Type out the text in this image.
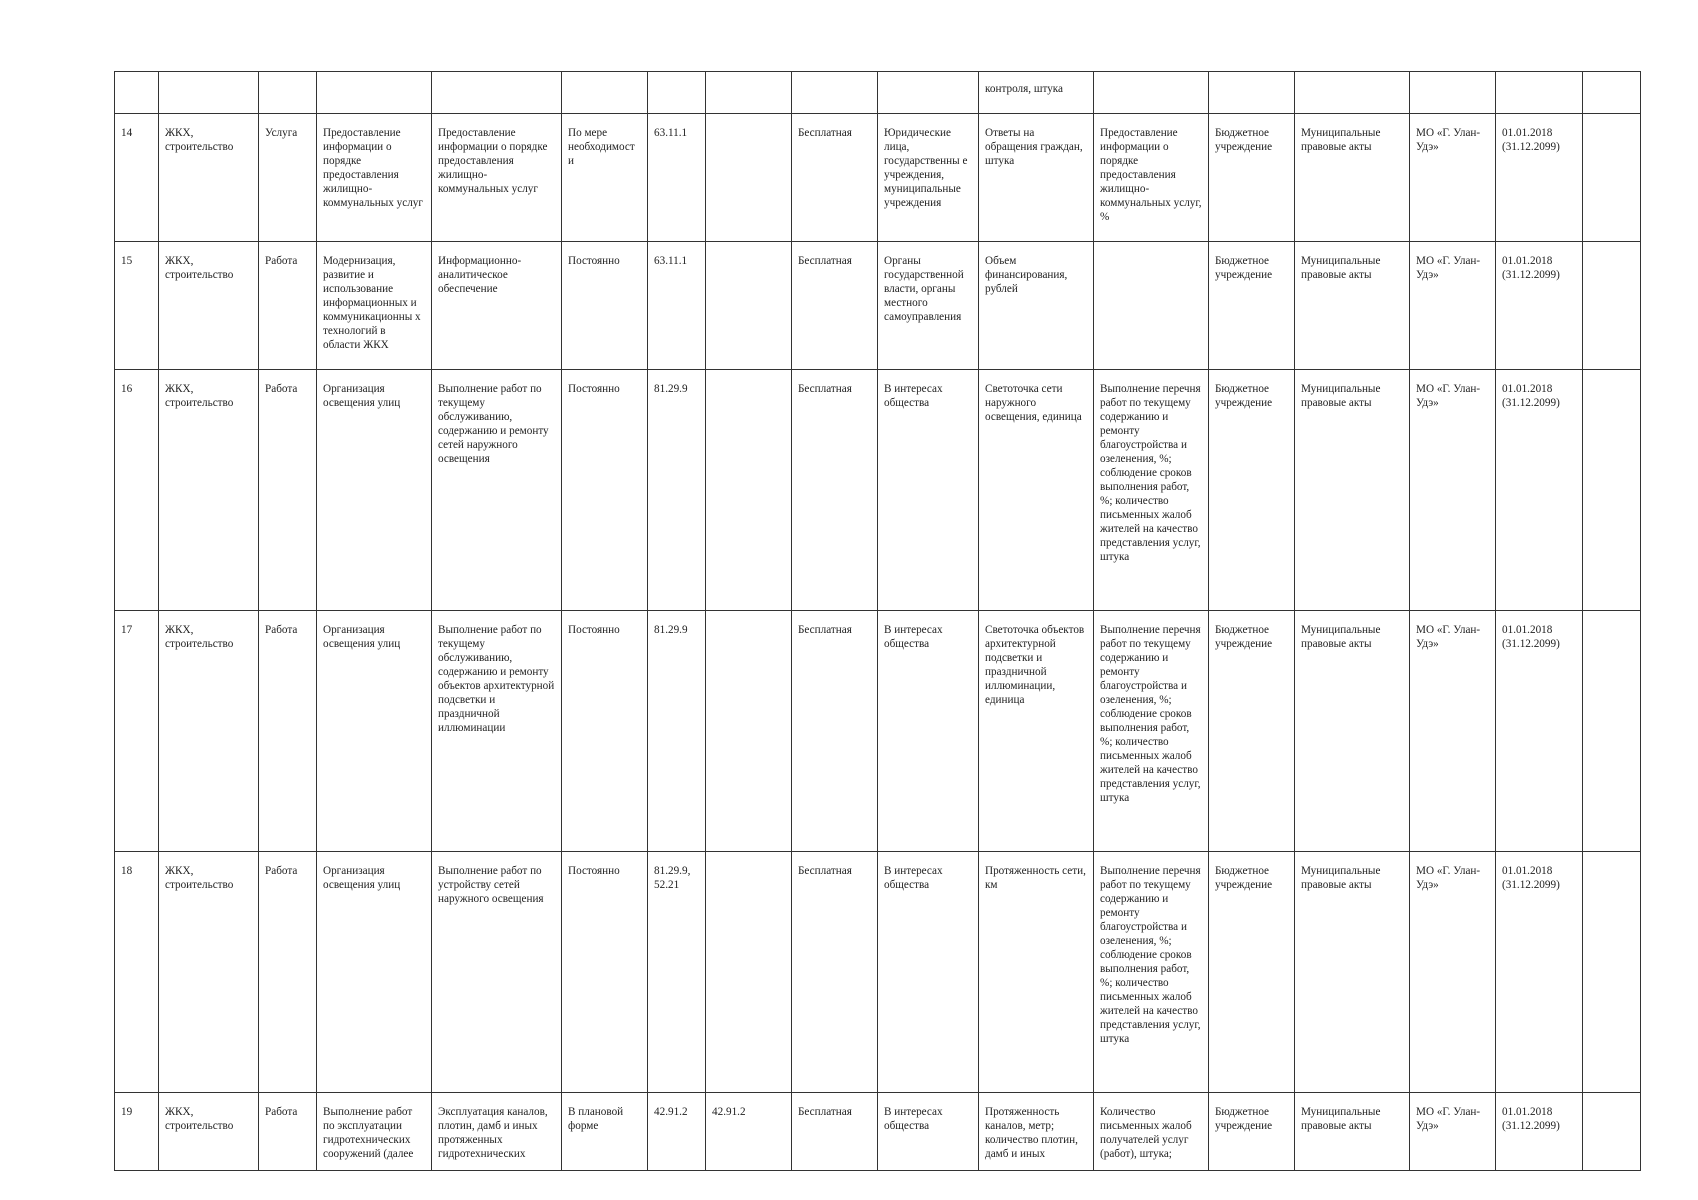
										контроля, штука						
14	ЖКХ, строительство	Услуга	Предоставление информации о порядке предоставления жилищно-коммунальных услуг	Предоставление информации о порядке предоставления жилищно-коммунальных услуг	По мере необходимост и	63.11.1		Бесплатная	Юридические лица, государственны е учреждения, муниципальные учреждения	Ответы на обращения граждан, штука	Предоставление информации о порядке предоставления жилищно-коммунальных услуг, %	Бюджетное учреждение	Муниципальные правовые акты	МО «Г. Улан-Удэ»	01.01.2018 (31.12.2099)	
15	ЖКХ, строительство	Работа	Модернизация, развитие и использование информационных и коммуникационны х технологий в области ЖКХ	Информационно-аналитическое обеспечение	Постоянно	63.11.1		Бесплатная	Органы государственной власти, органы местного самоуправления	Объем финансирования, рублей		Бюджетное учреждение	Муниципальные правовые акты	МО «Г. Улан-Удэ»	01.01.2018 (31.12.2099)	
16	ЖКХ, строительство	Работа	Организация освещения улиц	Выполнение работ по текущему обслуживанию, содержанию и ремонту сетей наружного освещения	Постоянно	81.29.9		Бесплатная	В интересах общества	Светоточка сети наружного освещения, единица	Выполнение перечня работ по текущему содержанию и ремонту благоустройства и озеленения, %; соблюдение сроков выполнения работ, %; количество письменных жалоб жителей на качество представления услуг, штука	Бюджетное учреждение	Муниципальные правовые акты	МО «Г. Улан-Удэ»	01.01.2018 (31.12.2099)	
17	ЖКХ, строительство	Работа	Организация освещения улиц	Выполнение работ по текущему обслуживанию, содержанию и ремонту объектов архитектурной подсветки и праздничной иллюминации	Постоянно	81.29.9		Бесплатная	В интересах общества	Светоточка объектов архитектурной подсветки и праздничной иллюминации, единица	Выполнение перечня работ по текущему содержанию и ремонту благоустройства и озеленения, %; соблюдение сроков выполнения работ, %; количество письменных жалоб жителей на качество представления услуг, штука	Бюджетное учреждение	Муниципальные правовые акты	МО «Г. Улан-Удэ»	01.01.2018 (31.12.2099)	
18	ЖКХ, строительство	Работа	Организация освещения улиц	Выполнение работ по устройству сетей наружного освещения	Постоянно	81.29.9, 52.21		Бесплатная	В интересах общества	Протяженность сети, км	Выполнение перечня работ по текущему содержанию и ремонту благоустройства и озеленения, %; соблюдение сроков выполнения работ, %; количество письменных жалоб жителей на качество представления услуг, штука	Бюджетное учреждение	Муниципальные правовые акты	МО «Г. Улан-Удэ»	01.01.2018 (31.12.2099)	
19	ЖКХ, строительство	Работа	Выполнение работ по эксплуатации гидротехнических сооружений (далее	Эксплуатация каналов, плотин, дамб и иных протяженных гидротехнических	В плановой форме	42.91.2	42.91.2	Бесплатная	В интересах общества	Протяженность каналов, метр; количество плотин, дамб и иных	Количество письменных жалоб получателей услуг (работ), штука;	Бюджетное учреждение	Муниципальные правовые акты	МО «Г. Улан-Удэ»	01.01.2018 (31.12.2099)	
